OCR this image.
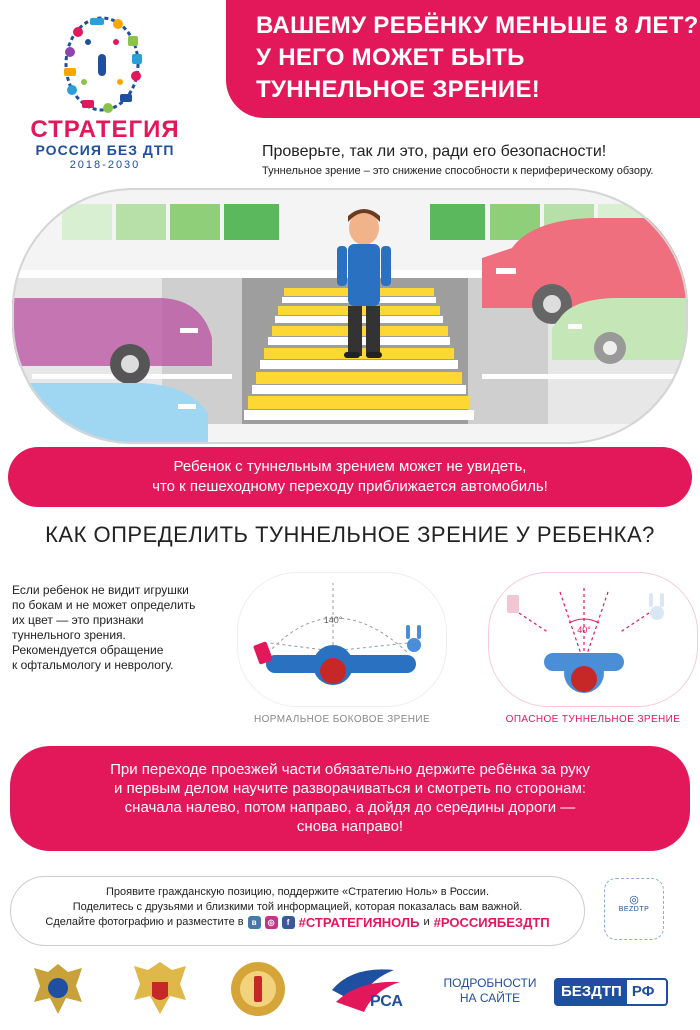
СТРАТЕГИЯ
РОССИЯ БЕЗ ДТП
2018-2030
ВАШЕМУ РЕБЁНКУ МЕНЬШЕ 8 ЛЕТ?
У НЕГО МОЖЕТ БЫТЬ
ТУННЕЛЬНОЕ ЗРЕНИЕ!
Проверьте, так ли это, ради его безопасности!
Туннельное зрение – это снижение способности к периферическому обзору.
Ребенок с туннельным зрением может не увидеть,
что к пешеходному переходу приближается автомобиль!
КАК ОПРЕДЕЛИТЬ ТУННЕЛЬНОЕ ЗРЕНИЕ У РЕБЕНКА?
Если ребенок не видит игрушки
по бокам и не может определить
их цвет — это признаки
туннельного зрения.
Рекомендуется обращение
к офтальмологу и неврологу.
140°
НОРМАЛЬНОЕ БОКОВОЕ ЗРЕНИЕ
40°
ОПАСНОЕ ТУННЕЛЬНОЕ ЗРЕНИЕ
При переходе проезжей части обязательно держите ребёнка за руку
и первым делом научите разворачиваться и смотреть по сторонам:
сначала налево, потом направо, а дойдя до середины дороги —
снова направо!
Проявите гражданскую позицию, поддержите «Стратегию Ноль» в России.
Поделитесь с друзьями и близкими той информацией, которая показалась вам важной.
Сделайте фотографию и разместите в	в	◎	f #СТРАТЕГИЯНОЛЬ и #РОССИЯБЕЗДТП
◎
BEZDTP
РСА
ПОДРОБНОСТИ
НА САЙТЕ	БЕЗДТП РФ
